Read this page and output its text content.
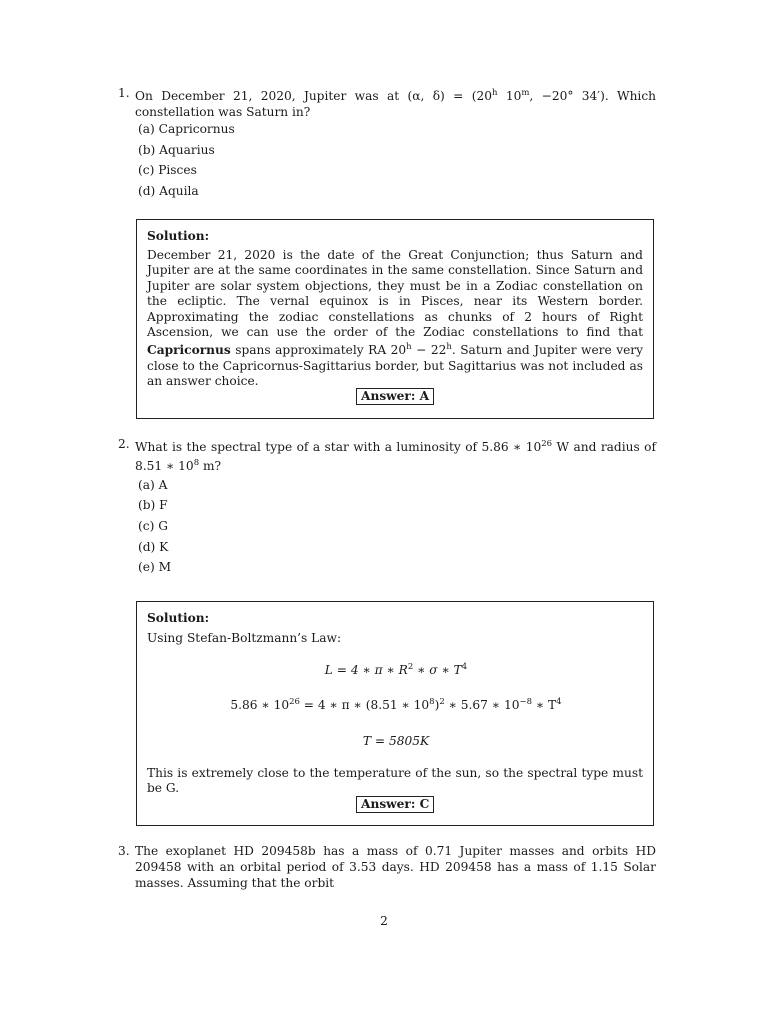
1. On December 21, 2020, Jupiter was at (α, $\delta) = (20^h$ $10^m$, −20° 34′). Which constellation was Saturn in?
(a) Capricornus
(b) Aquarius
(c) Pisces
(d) Aquila
Solution:
December 21, 2020 is the date of the Great Conjunction; thus Saturn and Jupiter are at the same coordinates in the same constellation. Since Saturn and Jupiter are solar system objections, they must be in a Zodiac constellation on the ecliptic. The vernal equinox is in Pisces, near its Western border. Approximating the zodiac constellations as chunks of 2 hours of Right Ascension, we can use the order of the Zodiac constellations to find that Capricornus spans approximately RA $20^h - 22^h$. Saturn and Jupiter were very close to the Capricornus-Sagittarius border, but Sagittarius was not included as an answer choice.
Answer: A
2. What is the spectral type of a star with a luminosity of 5.86 ∗ $10^{26}$ W and radius of 8.51 ∗ $10^8$ m?
(a) A
(b) F
(c) G
(d) K
(e) M
Solution:
Using Stefan-Boltzmann’s Law:
L = 4 ∗ π ∗ $R^2$ ∗ σ ∗ $T^4$
5.86 ∗ $10^{26} = 4$ ∗ π ∗ (8.51 ∗ $10^8)^2$ ∗ 5.67 ∗ $10^{-8}$ ∗ $T^4$
T = 5805K
This is extremely close to the temperature of the sun, so the spectral type must be G.
Answer: C
3. The exoplanet HD 209458b has a mass of 0.71 Jupiter masses and orbits HD 209458 with an orbital period of 3.53 days. HD 209458 has a mass of 1.15 Solar masses. Assuming that the orbit
2
